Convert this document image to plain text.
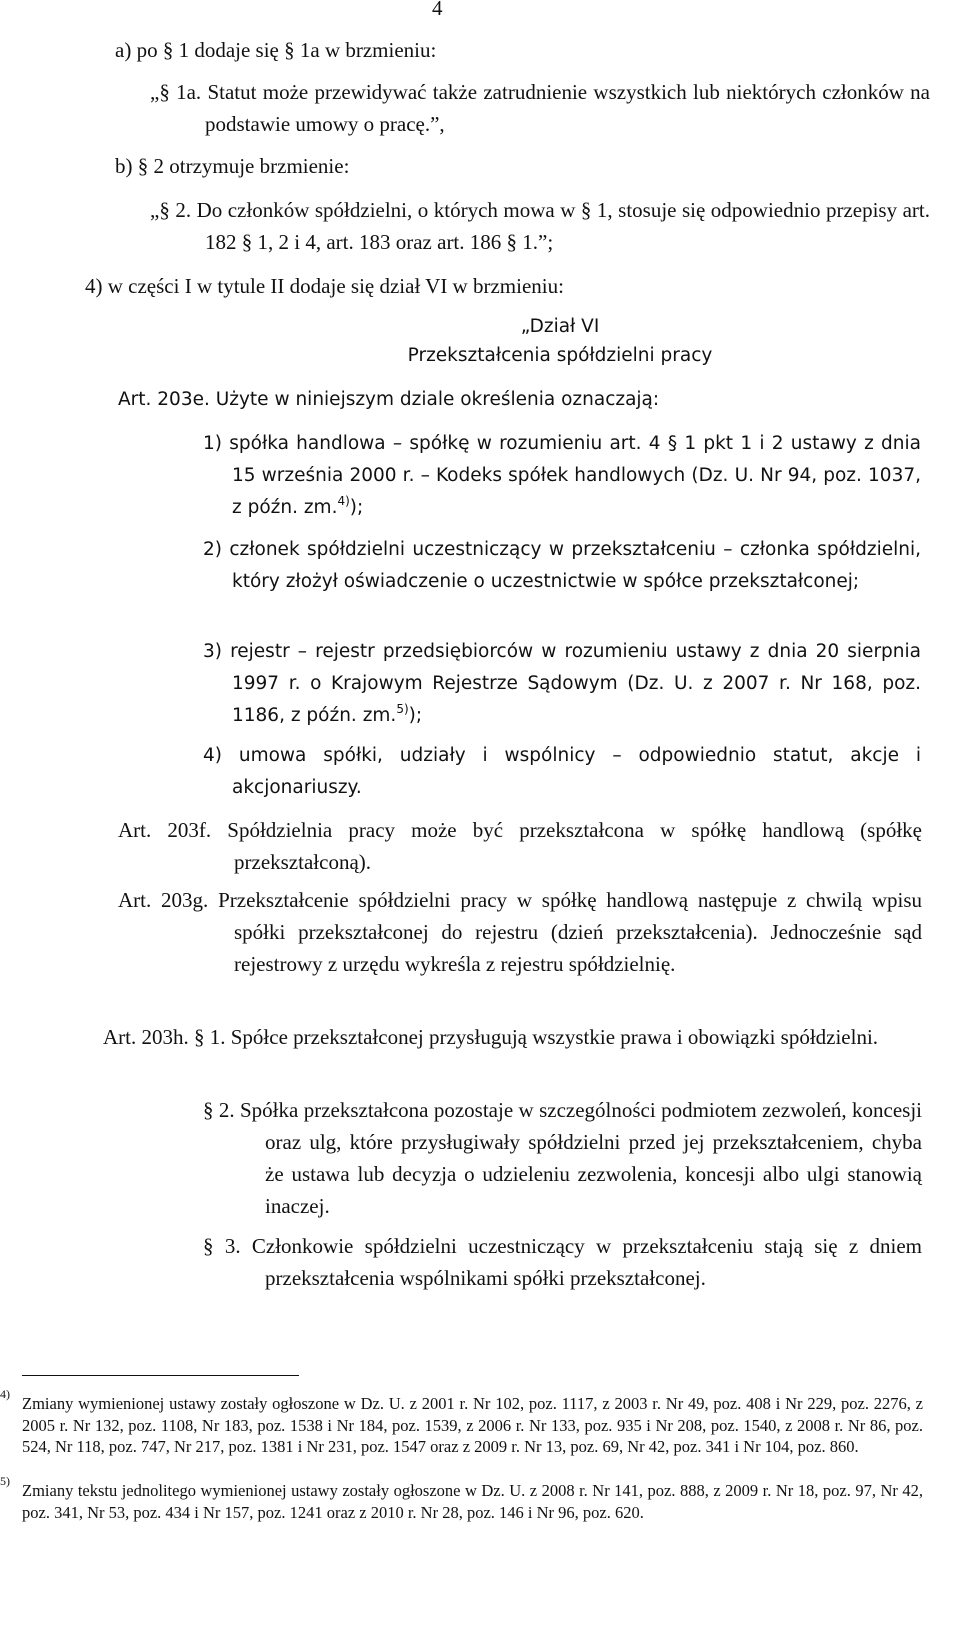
4
a) po § 1 dodaje się § 1a w brzmieniu:
„§ 1a. Statut może przewidywać także zatrudnienie wszystkich lub niektórych członków na podstawie umowy o pracę.”,
b) § 2 otrzymuje brzmienie:
„§ 2. Do członków spółdzielni, o których mowa w § 1, stosuje się odpowiednio przepisy art. 182 § 1, 2 i 4, art. 183 oraz art. 186 § 1.”;
4) w części I w tytule II dodaje się dział VI w brzmieniu:
„Dział VI
Przekształcenia spółdzielni pracy
Art. 203e. Użyte w niniejszym dziale określenia oznaczają:
1) spółka handlowa – spółkę w rozumieniu art. 4 § 1 pkt 1 i 2 ustawy z dnia 15 września 2000 r. – Kodeks spółek handlowych (Dz. U. Nr 94, poz. 1037, z późn. zm.$^{4)}$);
2) członek spółdzielni uczestniczący w przekształceniu – członka spółdzielni, który złożył oświadczenie o uczestnictwie w spółce przekształconej;
3) rejestr – rejestr przedsiębiorców w rozumieniu ustawy z dnia 20 sierpnia 1997 r. o Krajowym Rejestrze Sądowym (Dz. U. z 2007 r. Nr 168, poz. 1186, z późn. zm.$^{5)}$);
4) umowa spółki, udziały i wspólnicy – odpowiednio statut, akcje i akcjonariuszy.
Art. 203f. Spółdzielnia pracy może być przekształcona w spółkę handlową (spółkę przekształconą).
Art. 203g. Przekształcenie spółdzielni pracy w spółkę handlową następuje z chwilą wpisu spółki przekształconej do rejestru (dzień przekształcenia). Jednocześnie sąd rejestrowy z urzędu wykreśla z rejestru spółdzielnię.
Art. 203h. § 1. Spółce przekształconej przysługują wszystkie prawa i obowiązki spółdzielni.
§ 2. Spółka przekształcona pozostaje w szczególności podmiotem zezwoleń, koncesji oraz ulg, które przysługiwały spółdzielni przed jej przekształceniem, chyba że ustawa lub decyzja o udzieleniu zezwolenia, koncesji albo ulgi stanowią inaczej.
§ 3. Członkowie spółdzielni uczestniczący w przekształceniu stają się z dniem przekształcenia wspólnikami spółki przekształconej.
4) Zmiany wymienionej ustawy zostały ogłoszone w Dz. U. z 2001 r. Nr 102, poz. 1117, z 2003 r. Nr 49, poz. 408 i Nr 229, poz. 2276, z 2005 r. Nr 132, poz. 1108, Nr 183, poz. 1538 i Nr 184, poz. 1539, z 2006 r. Nr 133, poz. 935 i Nr 208, poz. 1540, z 2008 r. Nr 86, poz. 524, Nr 118, poz. 747, Nr 217, poz. 1381 i Nr 231, poz. 1547 oraz z 2009 r. Nr 13, poz. 69, Nr 42, poz. 341 i Nr 104, poz. 860.
5) Zmiany tekstu jednolitego wymienionej ustawy zostały ogłoszone w Dz. U. z 2008 r. Nr 141, poz. 888, z 2009 r. Nr 18, poz. 97, Nr 42, poz. 341, Nr 53, poz. 434 i Nr 157, poz. 1241 oraz z 2010 r. Nr 28, poz. 146 i Nr 96, poz. 620.
